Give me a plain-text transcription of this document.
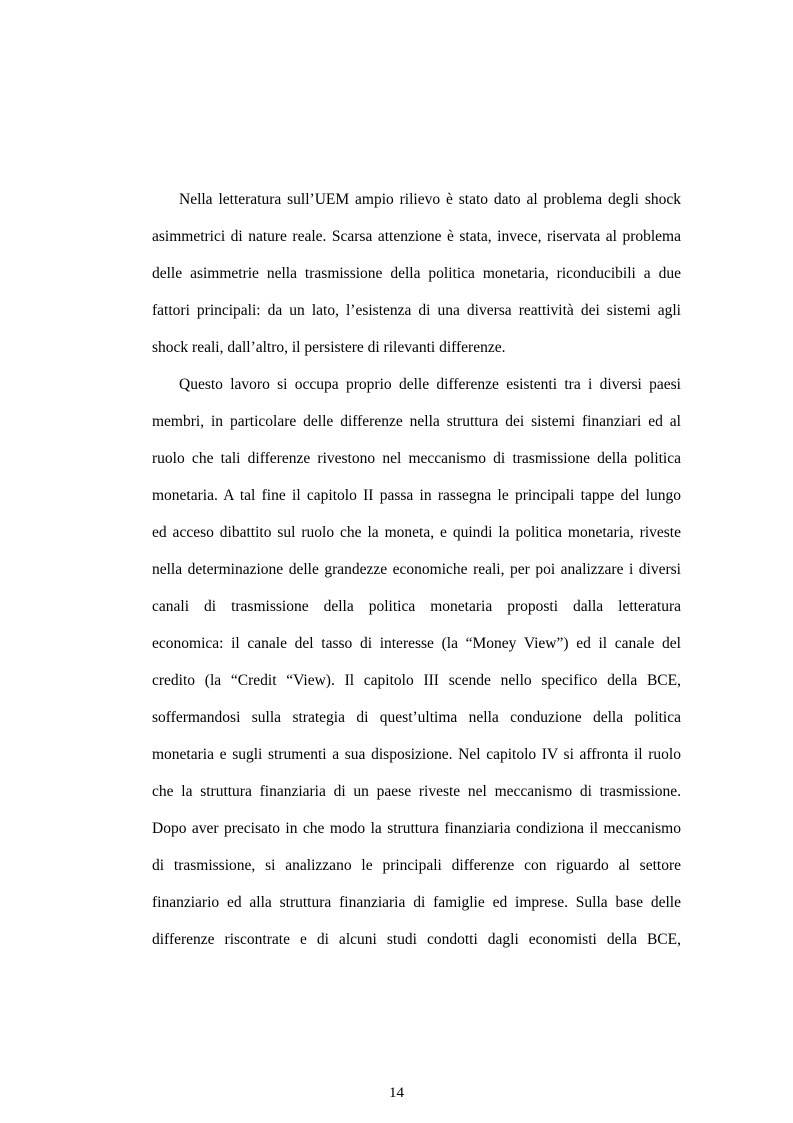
Nella letteratura sull’UEM ampio rilievo è stato dato al problema degli shock
asimmetrici di nature reale. Scarsa attenzione è stata, invece, riservata al problema
delle asimmetrie nella trasmissione della politica monetaria, riconducibili a due
fattori principali: da un lato, l’esistenza di una diversa reattività dei sistemi agli
shock reali, dall’altro, il persistere di rilevanti differenze.
Questo lavoro si occupa proprio delle differenze esistenti tra i diversi paesi
membri, in particolare delle differenze nella struttura dei sistemi finanziari ed al
ruolo che tali differenze rivestono nel meccanismo di trasmissione della politica
monetaria. A tal fine il capitolo II passa in rassegna le principali tappe del lungo
ed acceso dibattito sul ruolo che la moneta, e quindi la politica monetaria, riveste
nella determinazione delle grandezze economiche reali, per poi analizzare i diversi
canali di trasmissione della politica monetaria proposti dalla letteratura
economica: il canale del tasso di interesse (la “Money View”) ed il canale del
credito (la “Credit “View). Il capitolo III scende nello specifico della BCE,
soffermandosi sulla strategia di quest’ultima nella conduzione della politica
monetaria e sugli strumenti a sua disposizione. Nel capitolo IV si affronta il ruolo
che la struttura finanziaria di un paese riveste nel meccanismo di trasmissione.
Dopo aver precisato in che modo la struttura finanziaria condiziona il meccanismo
di trasmissione, si analizzano le principali differenze con riguardo al settore
finanziario ed alla struttura finanziaria di famiglie ed imprese. Sulla base delle
differenze riscontrate e di alcuni studi condotti dagli economisti della BCE,
14
